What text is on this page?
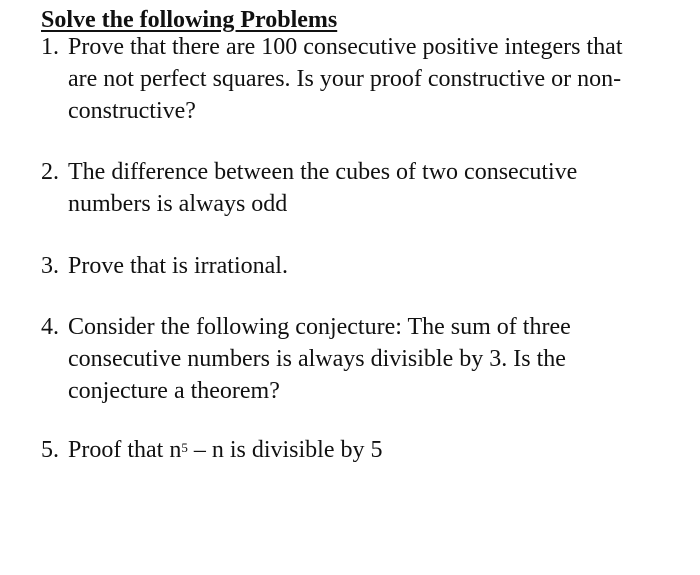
Solve the following Problems
1. Prove that there are 100 consecutive positive integers that
are not perfect squares. Is your proof constructive or non-
constructive?
2. The difference between the cubes of two consecutive
numbers is always odd
3. Prove that is irrational.
4. Consider the following conjecture: The sum of three
consecutive numbers is always divisible by 3. Is the
conjecture a theorem?
5. Proof that $n^5$ – n is divisible by 5
